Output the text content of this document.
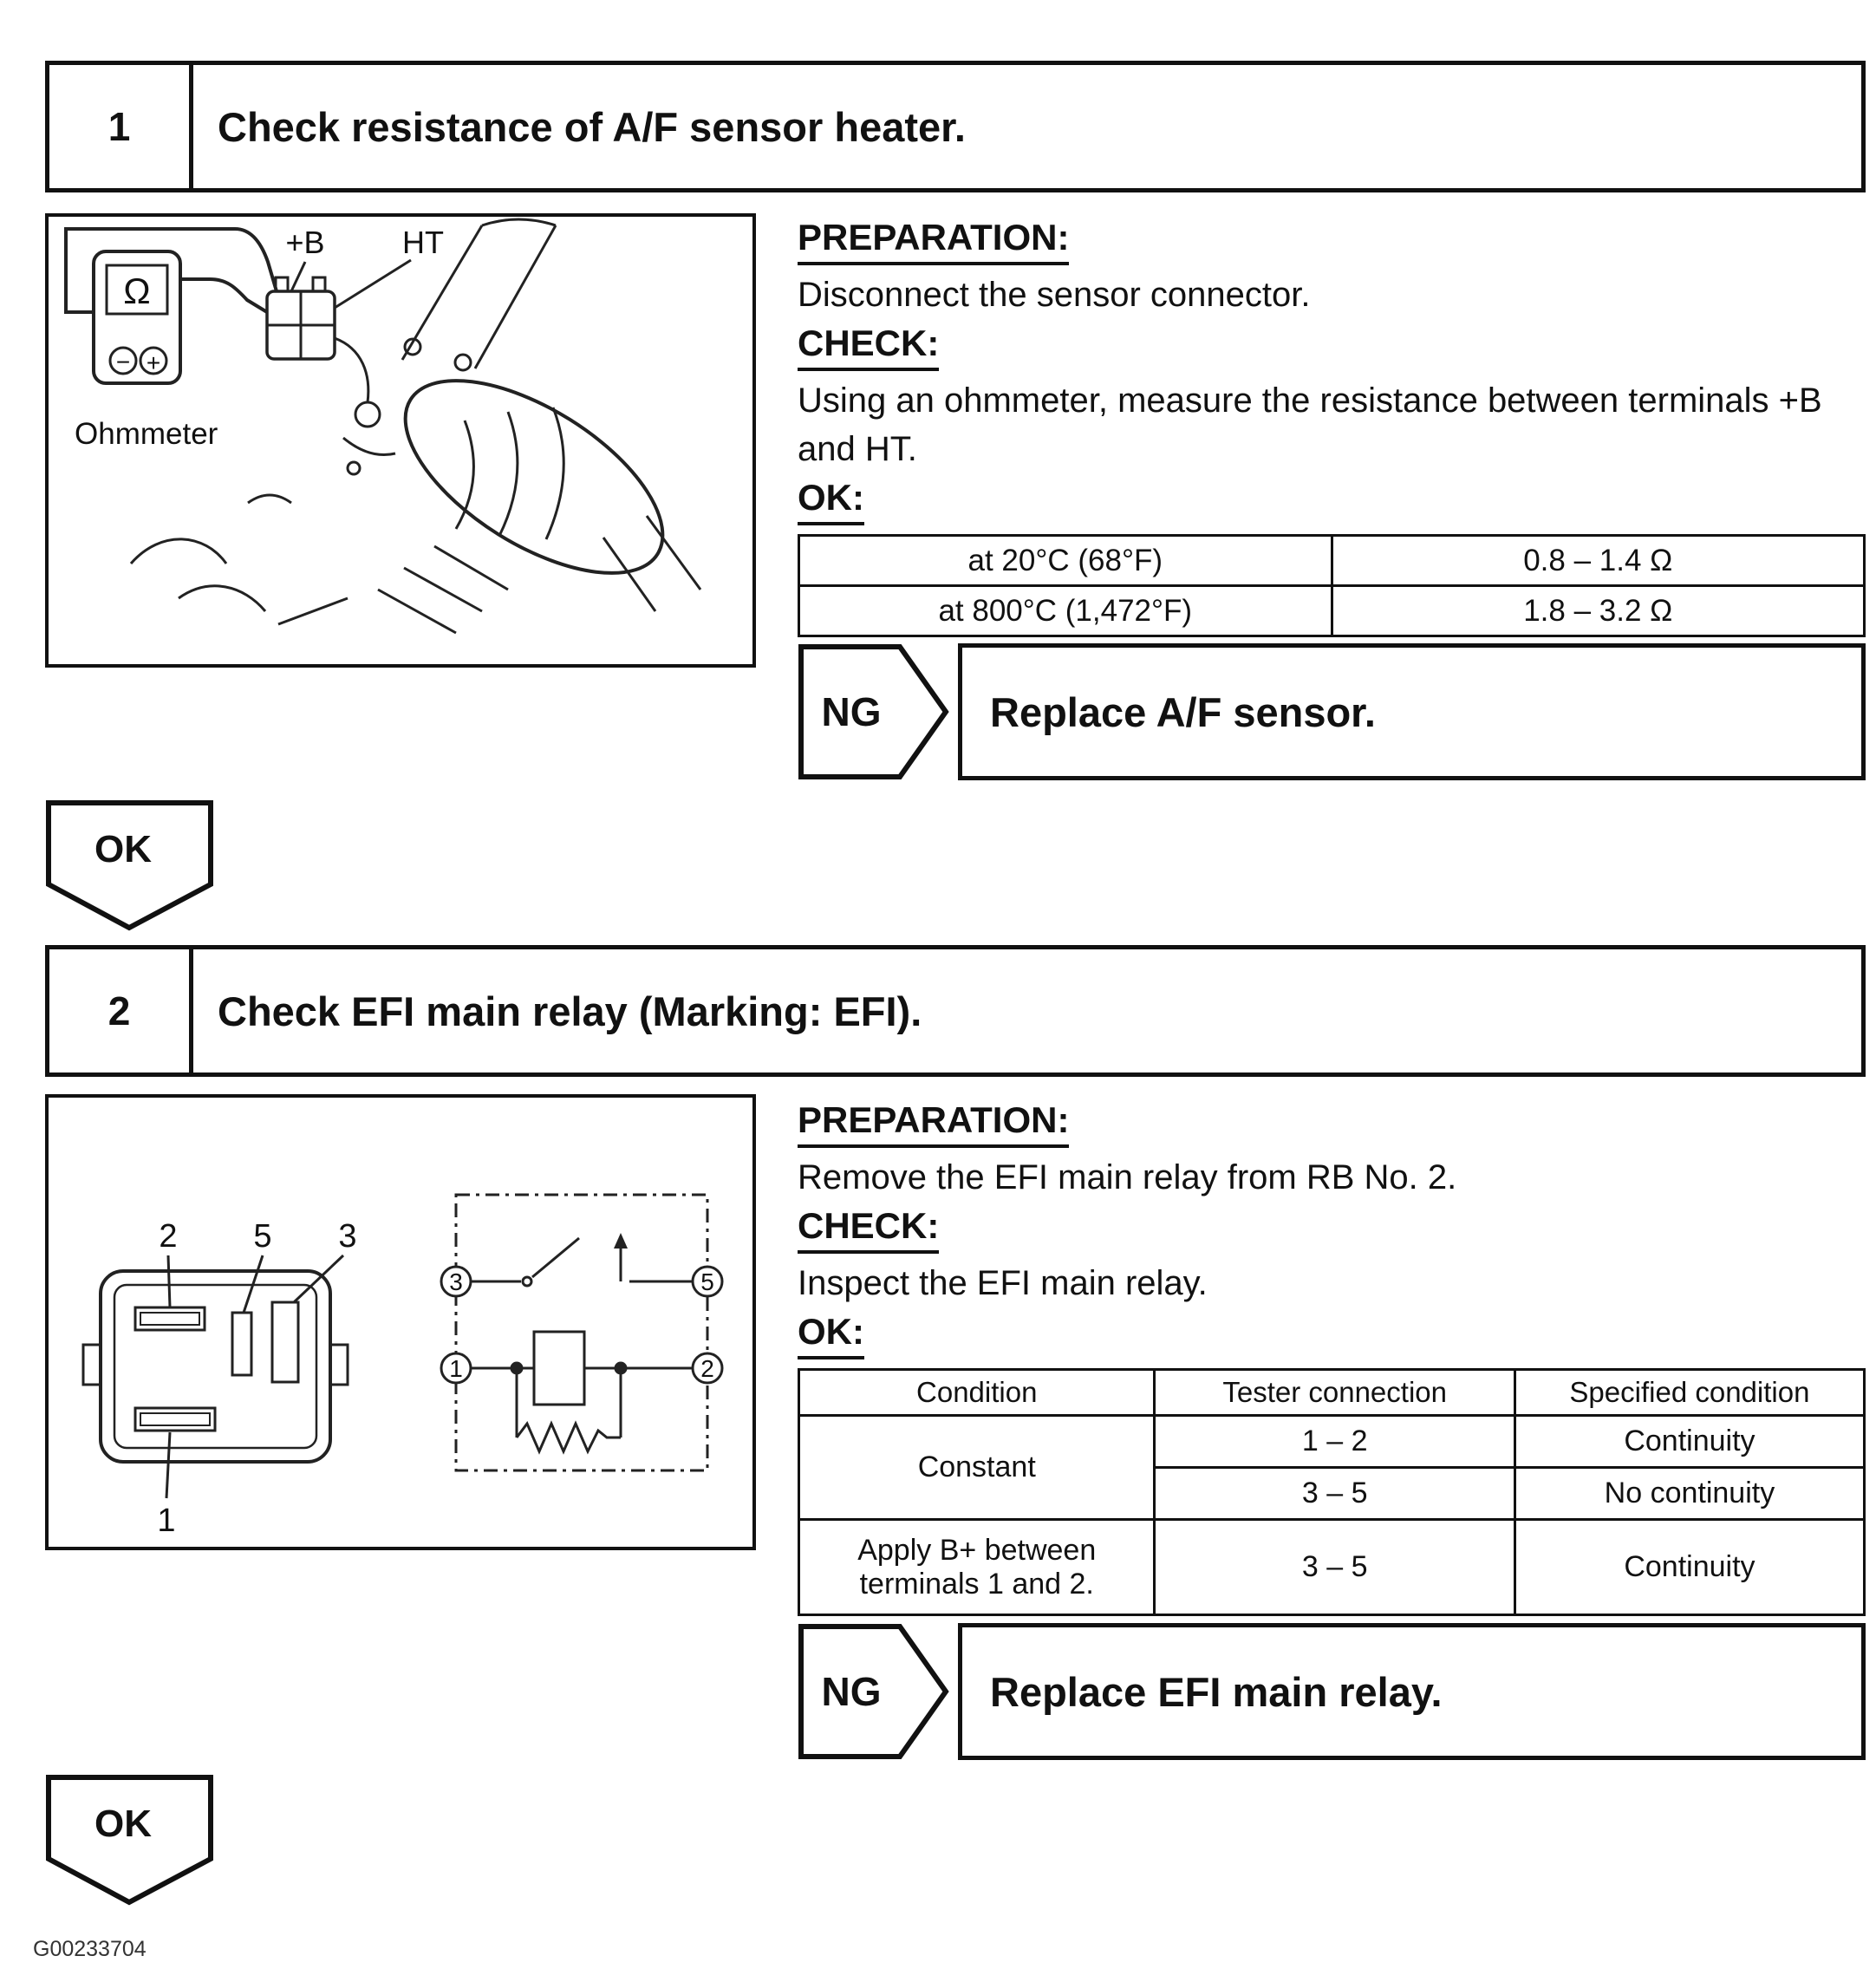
1	Check resistance of A/F sensor heater.
Ω
− +
+B HT
Ohmmeter
PREPARATION:

Disconnect the sensor connector.

CHECK:

Using an ohmmeter, measure the resistance between terminals +B and HT.

OK:
at 20°C (68°F)	0.8 – 1.4 Ω
at 800°C (1,472°F)	1.8 – 3.2 Ω
NG	Replace A/F sensor.
OK
2	Check EFI main relay (Marking: EFI).
2 5 3
1
3	5
1	2
PREPARATION:

Remove the EFI main relay from RB No. 2.

CHECK:

Inspect the EFI main relay.

OK:
Condition	Tester connection	Specified condition
Constant	1 – 2	Continuity
	3 – 5	No continuity
Apply B+ between terminals 1 and 2.	3 – 5	Continuity
NG	Replace EFI main relay.
OK
G00233704
